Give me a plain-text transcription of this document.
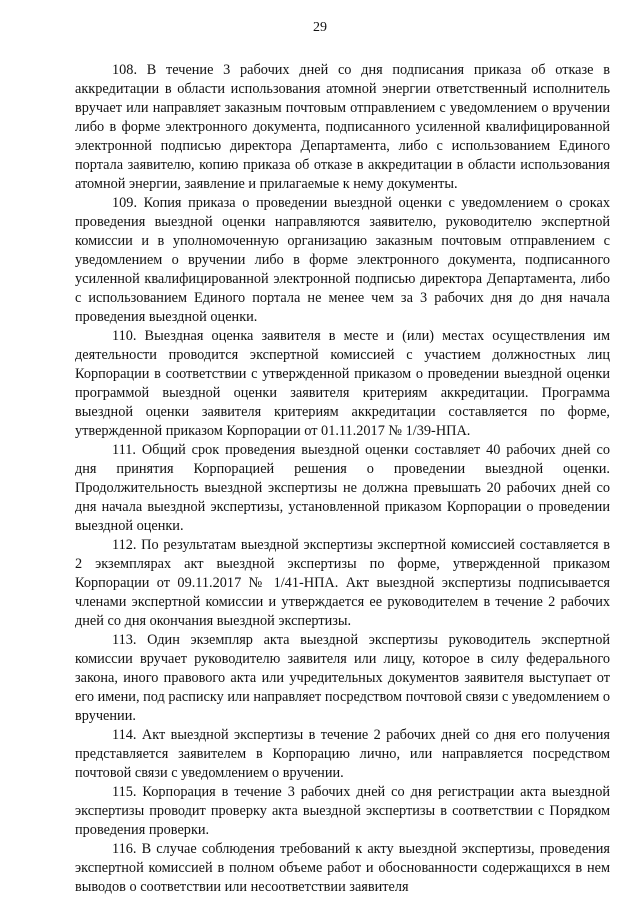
29

108. В течение 3 рабочих дней со дня подписания приказа об отказе в аккредитации в области использования атомной энергии ответственный исполнитель вручает или направляет заказным почтовым отправлением с уведомлением о вручении либо в форме электронного документа, подписанного усиленной квалифицированной электронной подписью директора Департамента, либо с использованием Единого портала заявителю, копию приказа об отказе в аккредитации в области использования атомной энергии, заявление и прилагаемые к нему документы.

109. Копия приказа о проведении выездной оценки с уведомлением о сроках проведения выездной оценки направляются заявителю, руководителю экспертной комиссии и в уполномоченную организацию заказным почтовым отправлением с уведомлением о вручении либо в форме электронного документа, подписанного усиленной квалифицированной электронной подписью директора Департамента, либо с использованием Единого портала не менее чем за 3 рабочих дня до дня начала проведения выездной оценки.

110. Выездная оценка заявителя в месте и (или) местах осуществления им деятельности проводится экспертной комиссией с участием должностных лиц Корпорации в соответствии с утвержденной приказом о проведении выездной оценки программой выездной оценки заявителя критериям аккредитации. Программа выездной оценки заявителя критериям аккредитации составляется по форме, утвержденной приказом Корпорации от 01.11.2017 № 1/39-НПА.

111. Общий срок проведения выездной оценки составляет 40 рабочих дней со дня принятия Корпорацией решения о проведении выездной оценки. Продолжительность выездной экспертизы не должна превышать 20 рабочих дней со дня начала выездной экспертизы, установленной приказом Корпорации о проведении выездной оценки.

112. По результатам выездной экспертизы экспертной комиссией составляется в 2 экземплярах акт выездной экспертизы по форме, утвержденной приказом Корпорации от 09.11.2017 № 1/41-НПА. Акт выездной экспертизы подписывается членами экспертной комиссии и утверждается ее руководителем в течение 2 рабочих дней со дня окончания выездной экспертизы.

113. Один экземпляр акта выездной экспертизы руководитель экспертной комиссии вручает руководителю заявителя или лицу, которое в силу федерального закона, иного правового акта или учредительных документов заявителя выступает от его имени, под расписку или направляет посредством почтовой связи с уведомлением о вручении.

114. Акт выездной экспертизы в течение 2 рабочих дней со дня его получения представляется заявителем в Корпорацию лично, или направляется посредством почтовой связи с уведомлением о вручении.

115. Корпорация в течение 3 рабочих дней со дня регистрации акта выездной экспертизы проводит проверку акта выездной экспертизы в соответствии с Порядком проведения проверки.

116. В случае соблюдения требований к акту выездной экспертизы, проведения экспертной комиссией в полном объеме работ и обоснованности содержащихся в нем выводов о соответствии или несоответствии заявителя
